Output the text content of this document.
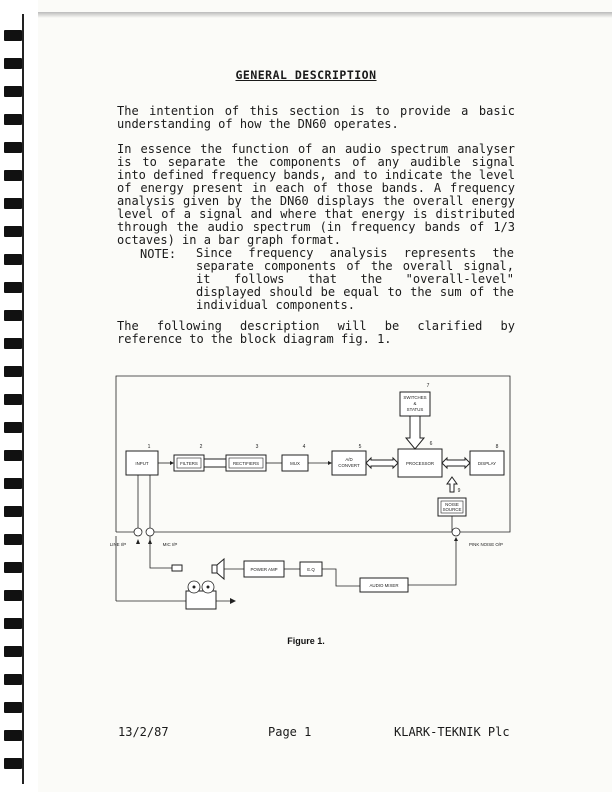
GENERAL DESCRIPTION

The intention of this section is to provide a basic understanding of how the DN60 operates.

In essence the function of an audio spectrum analyser is to separate the components of any audible signal into defined frequency bands, and to indicate the level of energy present in each of those bands. A frequency analysis given by the DN60 displays the overall energy level of a signal and where that energy is distributed through the audio spectrum (in frequency bands of 1/3 octaves) in a bar graph format.

NOTE: Since frequency analysis represents the separate components of the overall signal, it follows that the "overall-level" displayed should be equal to the sum of the individual components.

The following description will be clarified by reference to the block diagram fig. 1.

1
INPUT
2
FILTERS
3
RECTIFIERS
4
MUX
5
A/D
CONVERT
6
PROCESSOR
7
SWITCHES
&
STATUS
8
DISPLAY
9
NOISE
SOURCE
LINE I/P
POWER AMP	E.Q
AUDIO MIXER
MIC I/P	PINK NOISE O/P
Figure 1.
13/2/87	Page 1	KLARK-TEKNIK Plc
